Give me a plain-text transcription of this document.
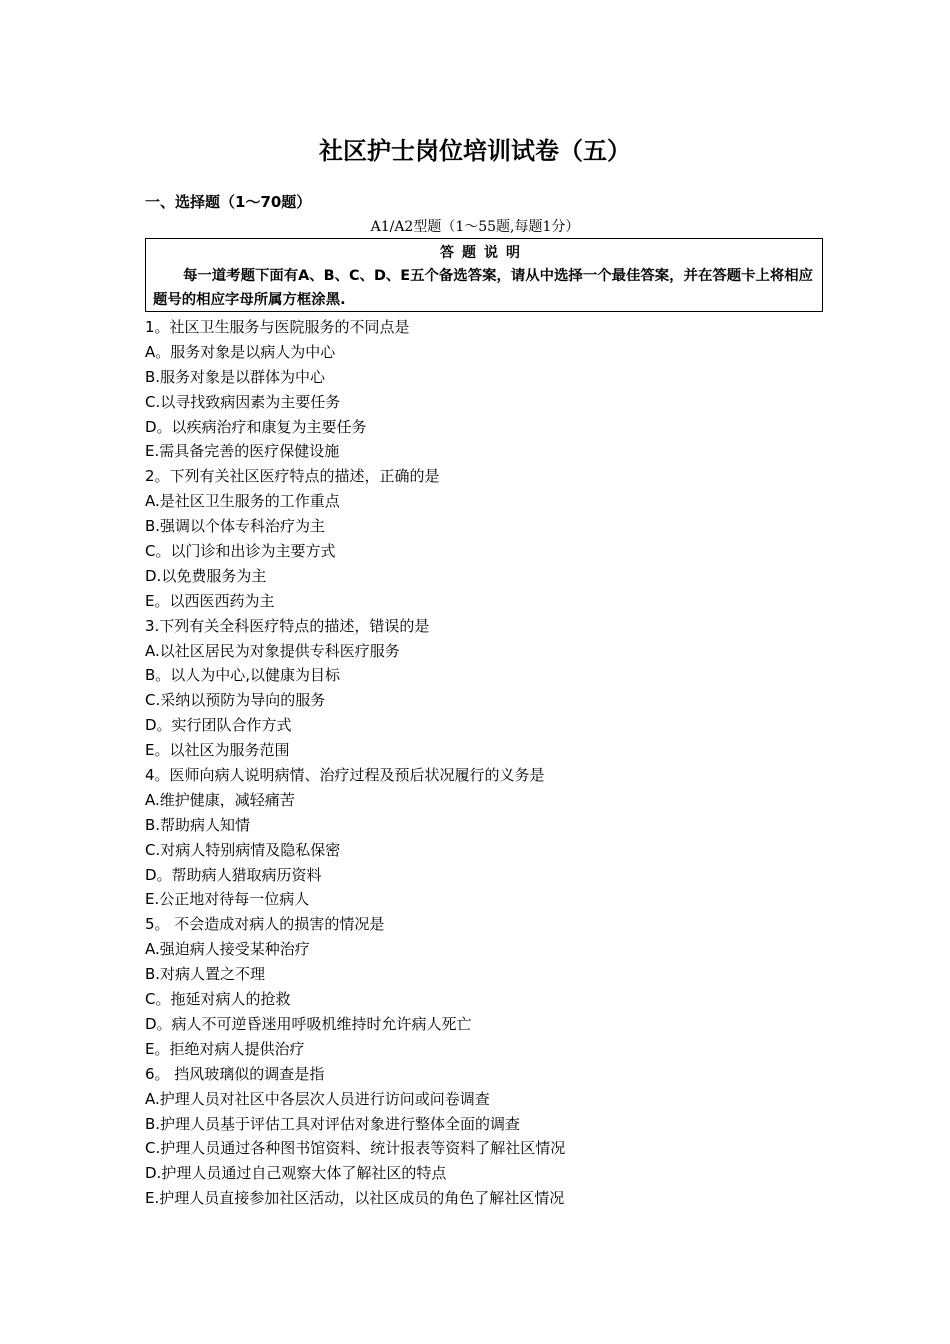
社区护士岗位培训试卷（五）
一、选择题（1～70题）
A1/A2型题（1～55题,每题1分）
答题说明
每一道考题下面有A、B、C、D、E五个备选答案，请从中选择一个最佳答案，并在答题卡上将相应题号的相应字母所属方框涂黑.
1。社区卫生服务与医院服务的不同点是
A。服务对象是以病人为中心
B.服务对象是以群体为中心
C.以寻找致病因素为主要任务
D。以疾病治疗和康复为主要任务
E.需具备完善的医疗保健设施
2。下列有关社区医疗特点的描述，正确的是
A.是社区卫生服务的工作重点
B.强调以个体专科治疗为主
C。以门诊和出诊为主要方式
D.以免费服务为主
E。以西医西药为主
3.下列有关全科医疗特点的描述，错误的是
A.以社区居民为对象提供专科医疗服务
B。以人为中心,以健康为目标
C.采纳以预防为导向的服务
D。实行团队合作方式
E。以社区为服务范围
4。医师向病人说明病情、治疗过程及预后状况履行的义务是
A.维护健康，减轻痛苦
B.帮助病人知情
C.对病人特别病情及隐私保密
D。帮助病人猎取病历资料
E.公正地对待每一位病人
5。 不会造成对病人的损害的情况是
A.强迫病人接受某种治疗
B.对病人置之不理
C。拖延对病人的抢救
D。病人不可逆昏迷用呼吸机维持时允许病人死亡
E。拒绝对病人提供治疗
6。 挡风玻璃似的调查是指
A.护理人员对社区中各层次人员进行访问或问卷调查
B.护理人员基于评估工具对评估对象进行整体全面的调查
C.护理人员通过各种图书馆资料、统计报表等资料了解社区情况
D.护理人员通过自己观察大体了解社区的特点
E.护理人员直接参加社区活动，以社区成员的角色了解社区情况
